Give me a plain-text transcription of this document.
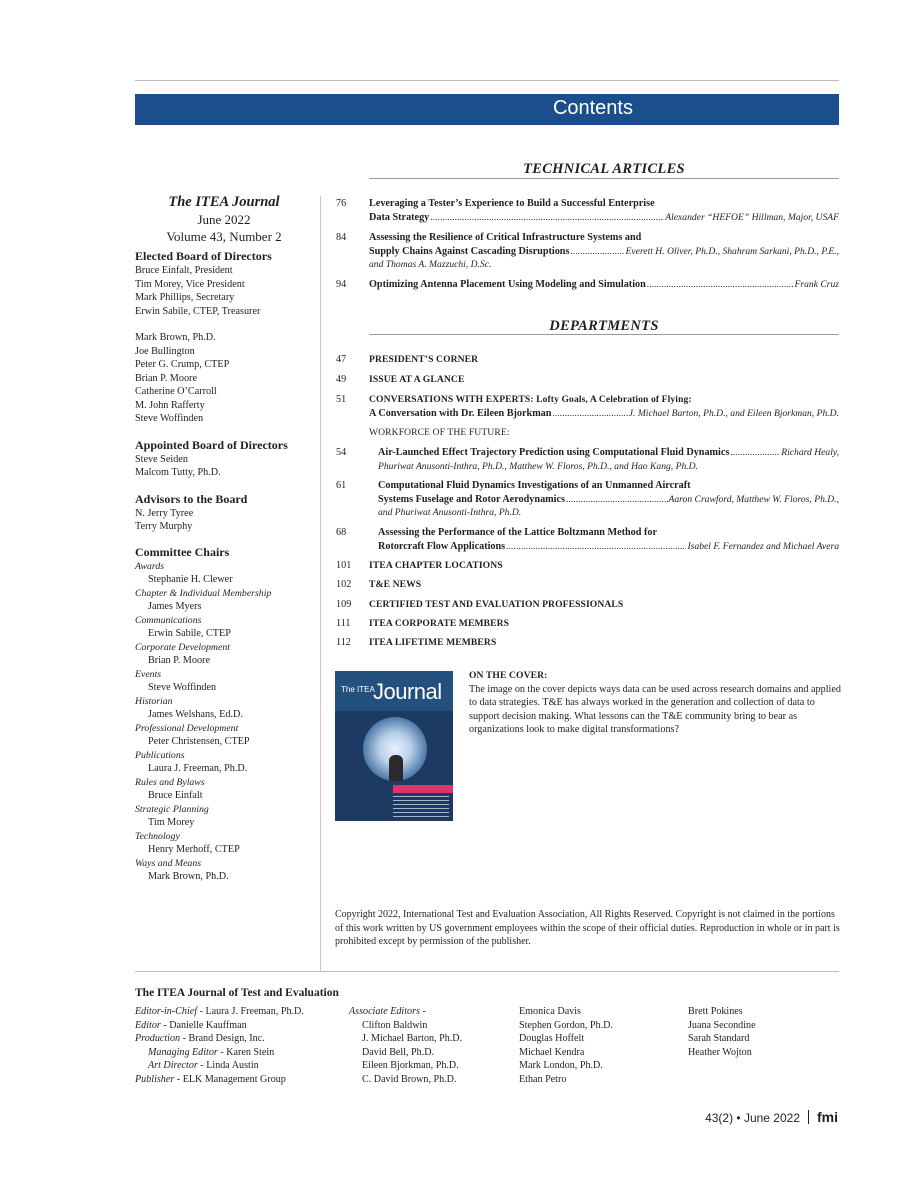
Contents
TECHNICAL ARTICLES
The ITEA Journal
June 2022
Volume 43, Number 2
Elected Board of Directors
Bruce Einfalt, President
Tim Morey, Vice President
Mark Phillips, Secretary
Erwin Sabile, CTEP, Treasurer
Mark Brown, Ph.D.
Joe Bullington
Peter G. Crump, CTEP
Brian P. Moore
Catherine O’Carroll
M. John Rafferty
Steve Woffinden
Appointed Board of Directors
Steve Seiden
Malcom Tutty, Ph.D.
Advisors to the Board
N. Jerry Tyree
Terry Murphy
Committee Chairs
Awards
Stephanie H. Clewer
Chapter & Individual Membership
James Myers
Communications
Erwin Sabile, CTEP
Corporate Development
Brian P. Moore
Events
Steve Woffinden
Historian
James Welshans, Ed.D.
Professional Development
Peter Christensen, CTEP
Publications
Laura J. Freeman, Ph.D.
Rules and Bylaws
Bruce Einfalt
Strategic Planning
Tim Morey
Technology
Henry Merhoff, CTEP
Ways and Means
Mark Brown, Ph.D.
76	Leveraging a Tester’s Experience to Build a Successful Enterprise
Data Strategy .....	Alexander “HEFOE” Hillman, Major, USAF
84	Assessing the Resilience of Critical Infrastructure Systems and
Supply Chains Against Cascading Disruptions .....	Everett H. Oliver, Ph.D., Shahram Sarkani, Ph.D., P.E.,
and Thomas A. Mazzuchi, D.Sc.
94	Optimizing Antenna Placement Using Modeling and Simulation .....	Frank Cruz
DEPARTMENTS
47	PRESIDENT’S CORNER
49	ISSUE AT A GLANCE
51	CONVERSATIONS WITH EXPERTS: Lofty Goals, A Celebration of Flying:
A Conversation with Dr. Eileen Bjorkman .....	J. Michael Barton, Ph.D., and Eileen Bjorkman, Ph.D.
WORKFORCE OF THE FUTURE:
54	Air-Launched Effect Trajectory Prediction using Computational Fluid Dynamics .....	Richard Healy,
Phuriwat Anusonti-Inthra, Ph.D., Matthew W. Floros, Ph.D., and Hao Kang, Ph.D.
61	Computational Fluid Dynamics Investigations of an Unmanned Aircraft
Systems Fuselage and Rotor Aerodynamics .....	Aaron Crawford, Matthew W. Floros, Ph.D.,
and Phuriwat Anusonti-Inthra, Ph.D.
68	Assessing the Performance of the Lattice Boltzmann Method for
Rotorcraft Flow Applications .....	Isabel F. Fernandez and Michael Avera
101	ITEA CHAPTER LOCATIONS
102	T&E NEWS
109	CERTIFIED TEST AND EVALUATION PROFESSIONALS
111	ITEA CORPORATE MEMBERS
112	ITEA LIFETIME MEMBERS
The ITEA
Journal
ON THE COVER:
The image on the cover depicts ways data can be used across research domains and applied to data strategies. T&E has always worked in the generation and collection of data to support decision making. What lessons can the T&E community bring to bear as organizations look to make digital transformations?
Copyright 2022, International Test and Evaluation Association, All Rights Reserved. Copyright is not claimed in the portions of this work written by US government employees within the scope of their official duties. Reproduction in whole or in part is prohibited except by permission of the publisher.
The ITEA Journal of Test and Evaluation
Editor-in-Chief - Laura J. Freeman, Ph.D.
Editor - Danielle Kauffman
Production - Brand Design, Inc.
Managing Editor - Karen Stein
Art Director - Linda Austin
Publisher - ELK Management Group
Associate Editors -
Clifton Baldwin
J. Michael Barton, Ph.D.
David Bell, Ph.D.
Eileen Bjorkman, Ph.D.
C. David Brown, Ph.D.
Emonica Davis
Stephen Gordon, Ph.D.
Douglas Hoffelt
Michael Kendra
Mark London, Ph.D.
Ethan Petro
Brett Pokines
Juana Secondine
Sarah Standard
Heather Wojton
43(2) • June 2022 fmi
